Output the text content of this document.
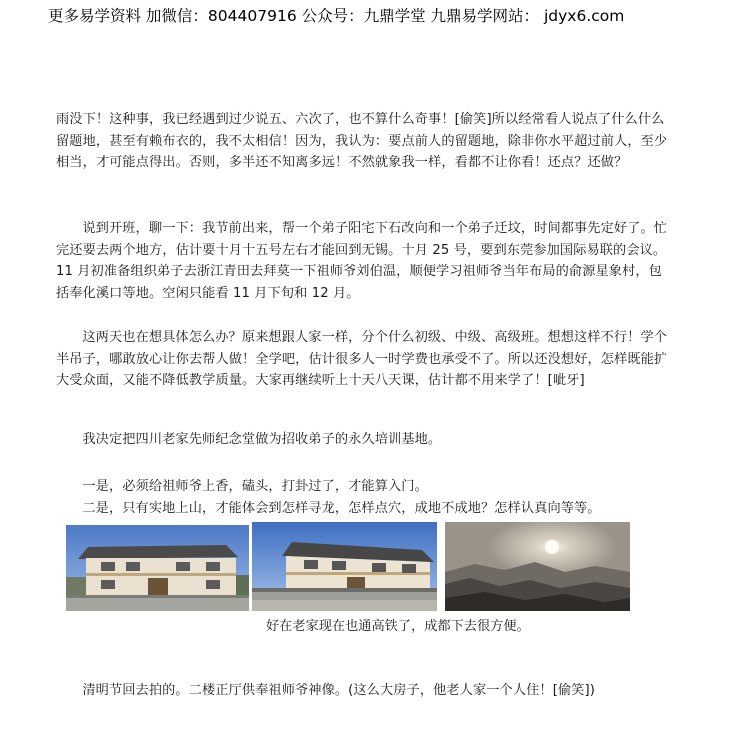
更多易学资料 加微信：804407916 公众号：九鼎学堂 九鼎易学网站： jdyx6.com

雨没下！这种事，我已经遇到过少说五、六次了，也不算什么奇事！[偷笑]所以经常看人说点了什么什么留题地，甚至有赖布衣的，我不太相信！因为，我认为：要点前人的留题地，除非你水平超过前人，至少相当，才可能点得出。否则，多半还不知离多远！不然就象我一样，看都不让你看！还点？还做？

说到开班，聊一下：我节前出来，帮一个弟子阳宅下石改向和一个弟子迁坟，时间都事先定好了。忙完还要去两个地方，估计要十月十五号左右才能回到无锡。十月 25 号，要到东莞参加国际易联的会议。11 月初准备组织弟子去浙江青田去拜莫一下祖师爷刘伯温，顺便学习祖师爷当年布局的俞源星象村，包括奉化溪口等地。空闲只能看 11 月下旬和 12 月。

这两天也在想具体怎么办？原来想跟人家一样，分个什么初级、中级、高级班。想想这样不行！学个半吊子，哪敢放心让你去帮人做！全学吧，估计很多人一时学费也承受不了。所以还没想好，怎样既能扩大受众面，又能不降低教学质量。大家再继续听上十天八天课，估计都不用来学了！[呲牙]

我决定把四川老家先师纪念堂做为招收弟子的永久培训基地。

一是，必须给祖师爷上香，磕头，打卦过了，才能算入门。

二是，只有实地上山，才能体会到怎样寻龙，怎样点穴，成地不成地？怎样认真向等等。

好在老家现在也通高铁了，成都下去很方便。

清明节回去拍的。二楼正厅供奉祖师爷神像。(这么大房子，他老人家一个人住！[偷笑])
